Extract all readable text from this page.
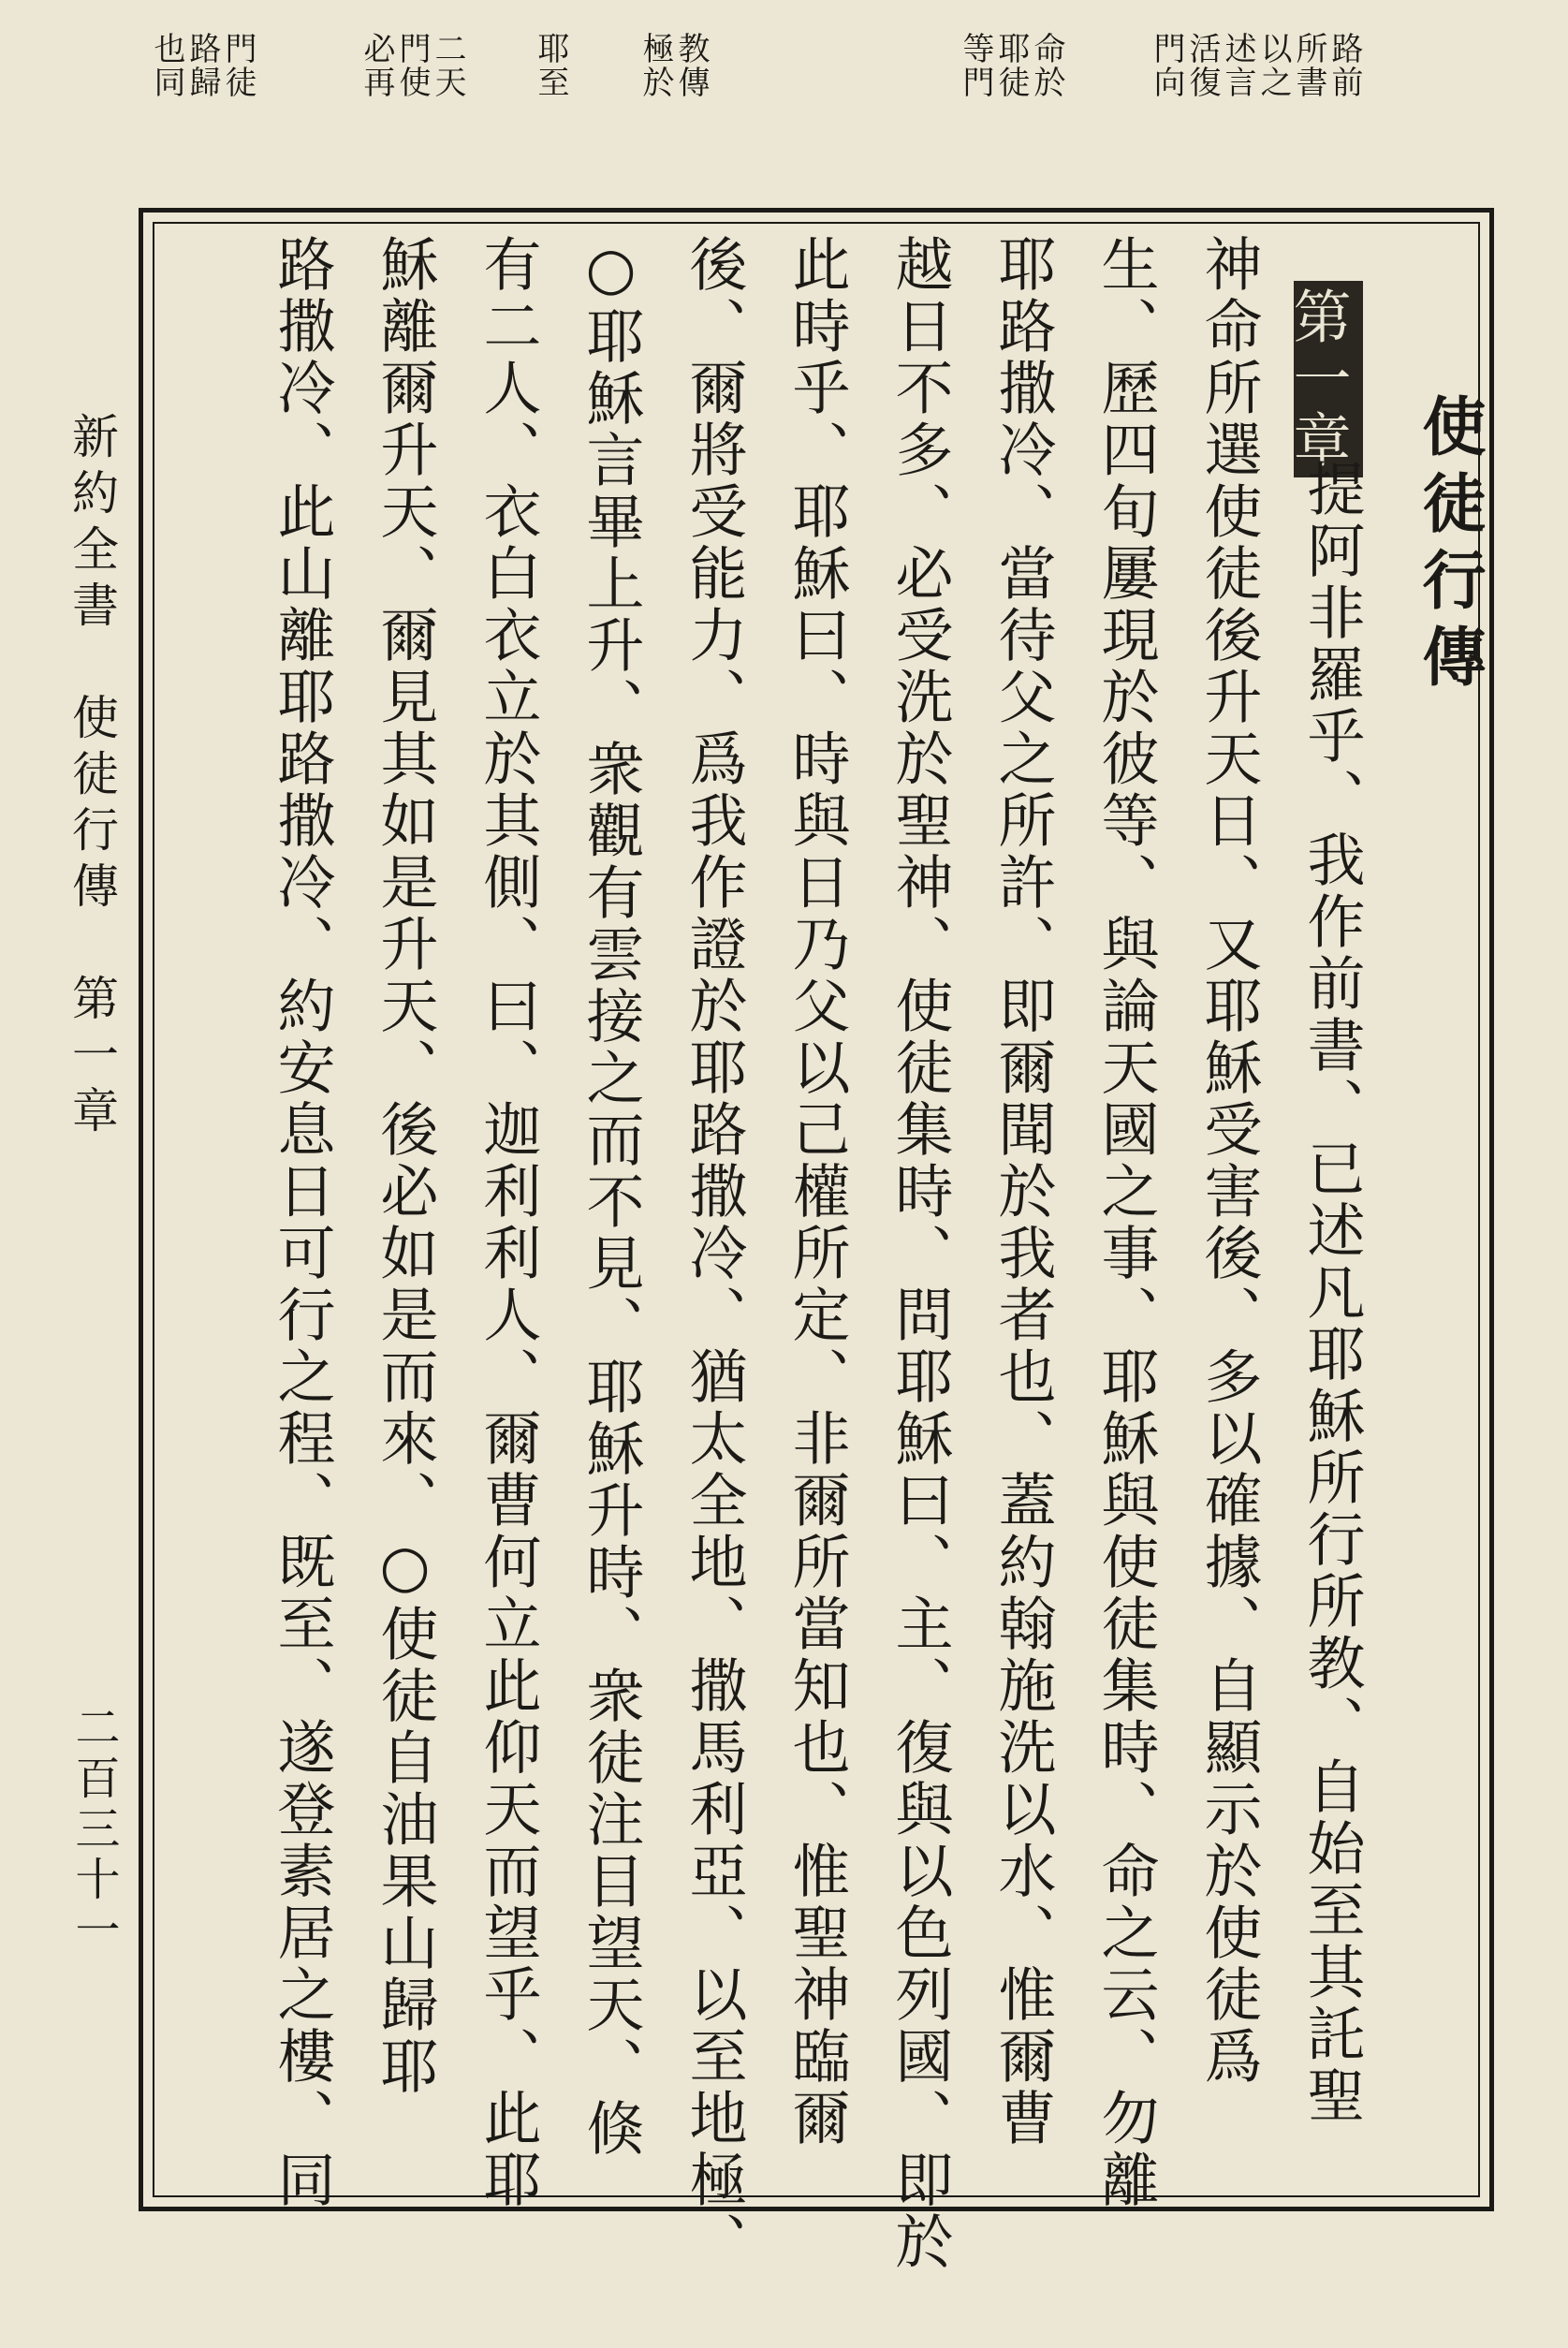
路前
所書
以之
述言
活復
門向
命於
耶徒
等門
教傳
極於
耶至
二天
門使
必再
門徒
路歸
也同
使徒行傳
第一章
提阿非羅乎、我作前書、已述凡耶穌所行所教、自始至其託聖
神命所選使徒後升天日、又耶穌受害後、多以確據、自顯示於使徒爲
生、歷四旬屢現於彼等、與論天國之事、耶穌與使徒集時、命之云、勿離
耶路撒冷、當待父之所許、即爾聞於我者也、蓋約翰施洗以水、惟爾曹
越日不多、必受洗於聖神、使徒集時、問耶穌曰、主、復與以色列國、即於
此時乎、耶穌曰、時與日乃父以己權所定、非爾所當知也、惟聖神臨爾
後、爾將受能力、爲我作證於耶路撒冷、猶太全地、撒馬利亞、以至地極、
○耶穌言畢上升、衆觀有雲接之而不見、耶穌升時、衆徒注目望天、倏
有二人、衣白衣立於其側、曰、迦利利人、爾曹何立此仰天而望乎、此耶
穌離爾升天、爾見其如是升天、後必如是而來、○使徒自油果山歸耶
路撒冷、此山離耶路撒冷、約安息日可行之程、既至、遂登素居之樓、同
新約全書　使徒行傳　第一章
二百三十一
